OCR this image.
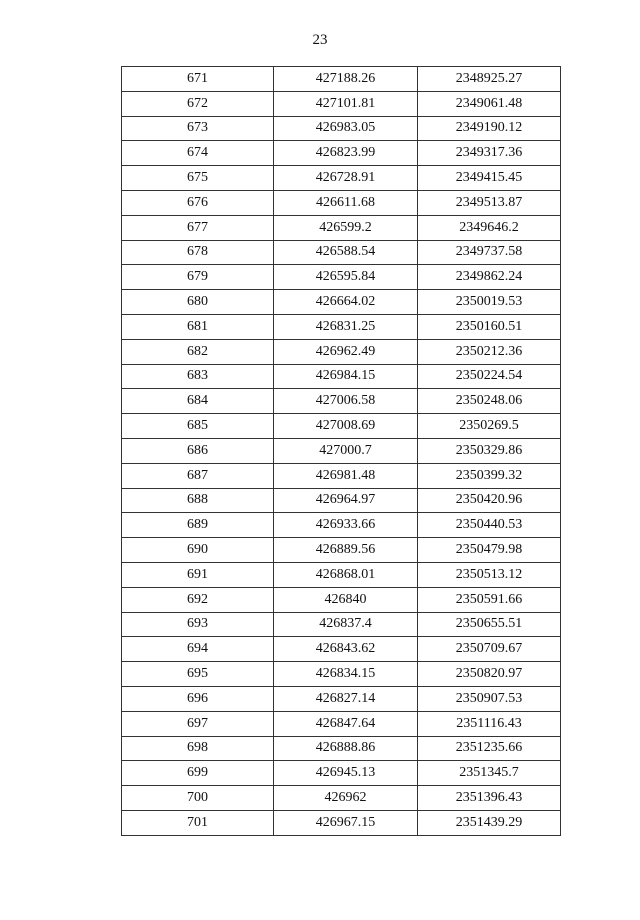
23
671	427188.26	2348925.27
672	427101.81	2349061.48
673	426983.05	2349190.12
674	426823.99	2349317.36
675	426728.91	2349415.45
676	426611.68	2349513.87
677	426599.2	2349646.2
678	426588.54	2349737.58
679	426595.84	2349862.24
680	426664.02	2350019.53
681	426831.25	2350160.51
682	426962.49	2350212.36
683	426984.15	2350224.54
684	427006.58	2350248.06
685	427008.69	2350269.5
686	427000.7	2350329.86
687	426981.48	2350399.32
688	426964.97	2350420.96
689	426933.66	2350440.53
690	426889.56	2350479.98
691	426868.01	2350513.12
692	426840	2350591.66
693	426837.4	2350655.51
694	426843.62	2350709.67
695	426834.15	2350820.97
696	426827.14	2350907.53
697	426847.64	2351116.43
698	426888.86	2351235.66
699	426945.13	2351345.7
700	426962	2351396.43
701	426967.15	2351439.29
